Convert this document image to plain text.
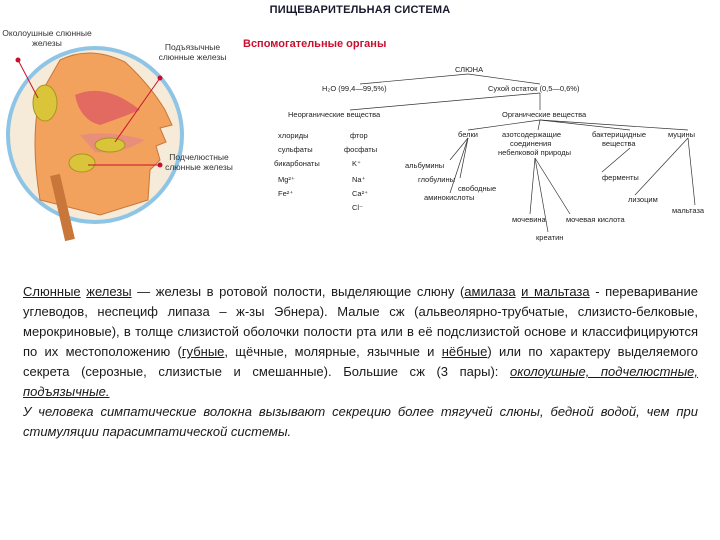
ПИЩЕВАРИТЕЛЬНАЯ СИСТЕМА
Околоушные слюнные железы	Подъязычные слюнные железы
Подчелюстные слюнные железы
Вспомогательные органы
СЛЮНА
H₂O (99,4—99,5%)	Сухой остаток (0,5—0,6%)
Неорганические вещества	Органические вещества
хлориды
сульфаты
бикарбонаты
Mg²⁺
Fe²⁺
фтор
фосфаты
K⁺
Na⁺
Ca²⁺
Cl⁻
белки	азотсодержащие соединения небелковой природы
бактерицидные вещества
муцины
альбумины
глобулины
свободные аминокислоты
ферменты
лизоцим
мальтаза
мочевина	мочевая кислота
креатин

Слюнные железы — железы в ротовой полости, выделяющие слюну (амилаза и мальтаза - переваривание углеводов, неспециф липаза – ж-зы Эбнера). Малые сж (альвеолярно-трубчатые, слизисто-белковые, мерокриновые), в толще слизистой оболочки полости рта или в её подслизистой основе и классифицируются по их местоположению (губные, щёчные, молярные, язычные и нёбные) или по характеру выделяемого секрета (серозные, слизистые и смешанные). Большие сж (3 пары): околоушные, подчелюстные, подъязычные.

У человека симпатические волокна вызывают секрецию более тягучей слюны, бедной водой, чем при стимуляции парасимпатической системы.
